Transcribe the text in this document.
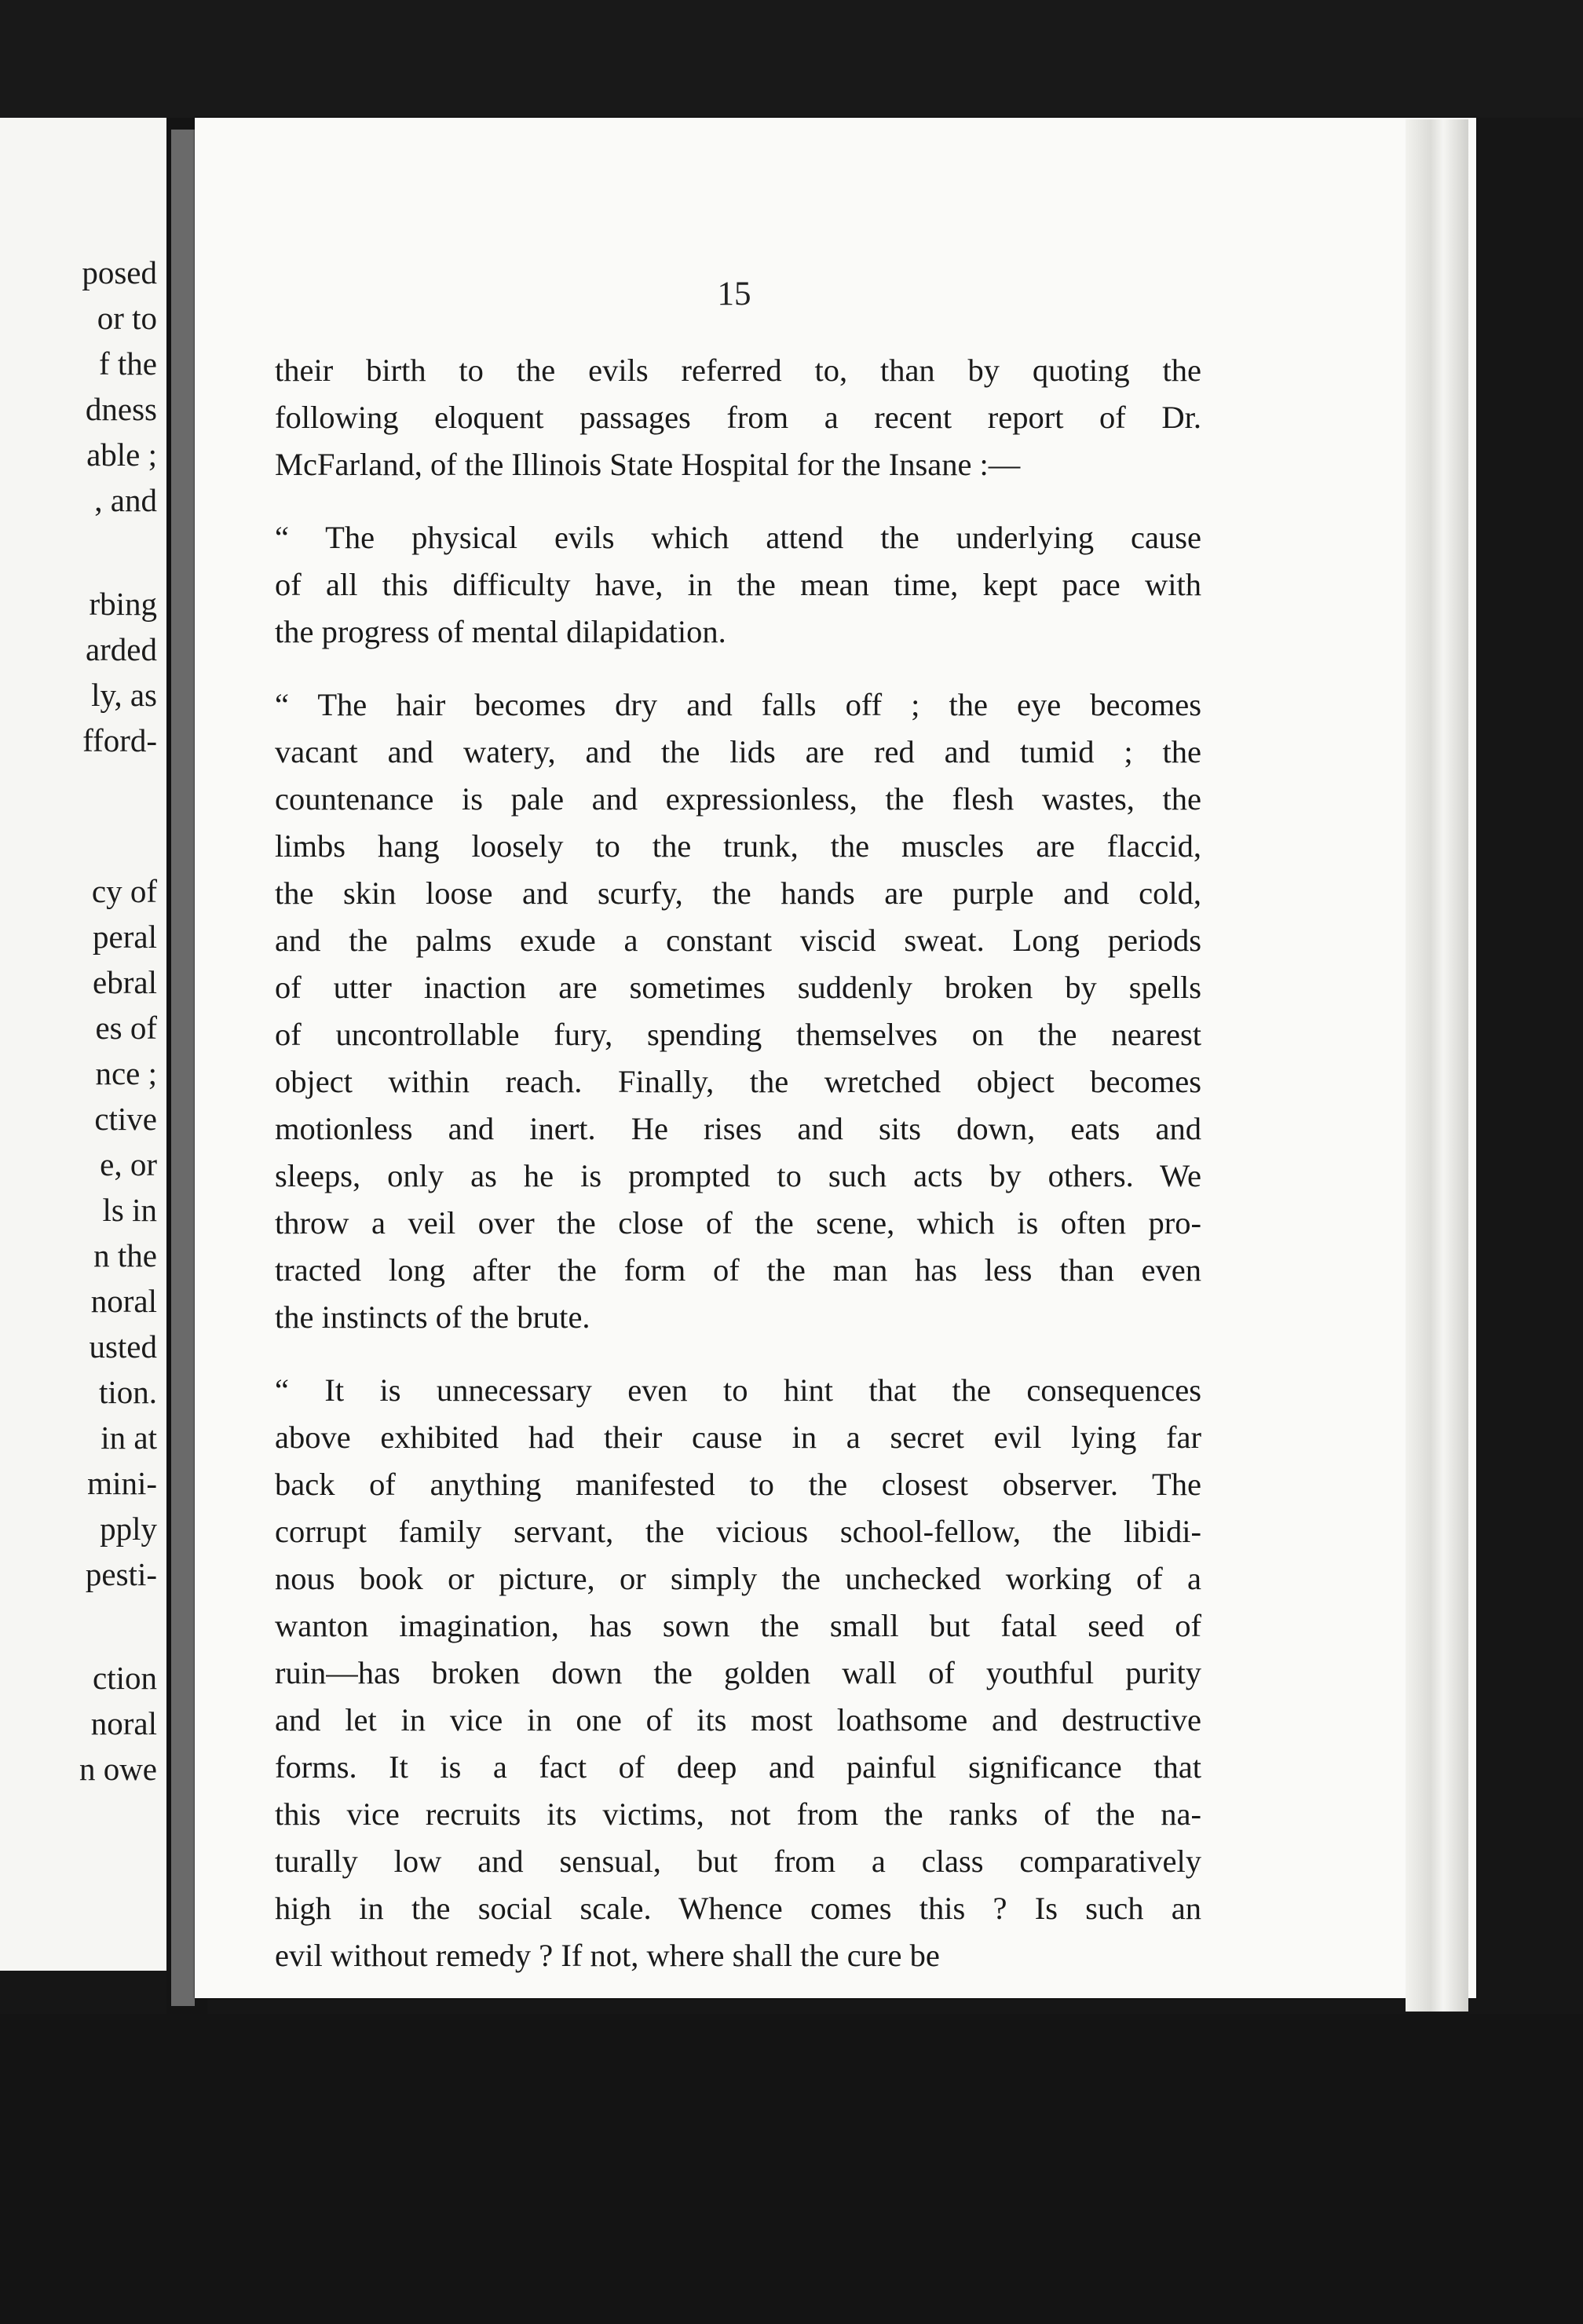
posed
or to
f the
dness
able ;
, and
rbing
arded
ly, as
fford-
cy of
peral
ebral
es of
nce ;
ctive
e, or
ls in
n the
noral
usted
tion.
in at
mini-
pply
pesti-
ction
noral
n owe
15
their birth to the evils referred to, than by quoting the
following eloquent passages from a recent report of Dr.
McFarland, of the Illinois State Hospital for the Insane :—
“ The physical evils which attend the underlying cause
of all this difficulty have, in the mean time, kept pace with
the progress of mental dilapidation.
“ The hair becomes dry and falls off ; the eye becomes
vacant and watery, and the lids are red and tumid ; the
countenance is pale and expressionless, the flesh wastes, the
limbs hang loosely to the trunk, the muscles are flaccid,
the skin loose and scurfy, the hands are purple and cold,
and the palms exude a constant viscid sweat. Long periods
of utter inaction are sometimes suddenly broken by spells
of uncontrollable fury, spending themselves on the nearest
object within reach. Finally, the wretched object becomes
motionless and inert. He rises and sits down, eats and
sleeps, only as he is prompted to such acts by others. We
throw a veil over the close of the scene, which is often pro-
tracted long after the form of the man has less than even
the instincts of the brute.
“ It is unnecessary even to hint that the consequences
above exhibited had their cause in a secret evil lying far
back of anything manifested to the closest observer. The
corrupt family servant, the vicious school-fellow, the libidi-
nous book or picture, or simply the unchecked working of a
wanton imagination, has sown the small but fatal seed of
ruin—has broken down the golden wall of youthful purity
and let in vice in one of its most loathsome and destructive
forms. It is a fact of deep and painful significance that
this vice recruits its victims, not from the ranks of the na-
turally low and sensual, but from a class comparatively
high in the social scale. Whence comes this ? Is such an
evil without remedy ? If not, where shall the cure be
